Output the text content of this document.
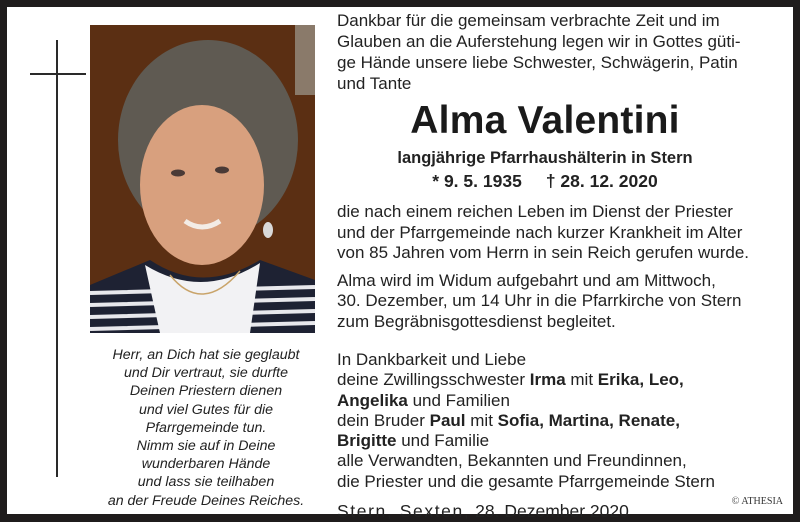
Herr, an Dich hat sie geglaubt
und Dir vertraut, sie durfte
Deinen Priestern dienen
und viel Gutes für die
Pfarrgemeinde tun.
Nimm sie auf in Deine
wunderbaren Hände
und lass sie teilhaben
an der Freude Deines Reiches.
Dankbar für die gemeinsam verbrachte Zeit und im
Glauben an die Auferstehung legen wir in Gottes güti-
ge Hände unsere liebe Schwester, Schwägerin, Patin
und Tante
Alma Valentini
langjährige Pfarrhaushälterin in Stern
* 9. 5. 1935 † 28. 12. 2020
die nach einem reichen Leben im Dienst der Priester
und der Pfarrgemeinde nach kurzer Krankheit im Alter
von 85 Jahren vom Herrn in sein Reich gerufen wurde.
Alma wird im Widum aufgebahrt und am Mittwoch,
30. Dezember, um 14 Uhr in die Pfarrkirche von Stern
zum Begräbnisgottesdienst begleitet.
In Dankbarkeit und Liebe
deine Zwillingsschwester Irma mit Erika, Leo,
Angelika und Familien
dein Bruder Paul mit Sofia, Martina, Renate,
Brigitte und Familie
alle Verwandten, Bekannten und Freundinnen,
die Priester und die gesamte Pfarrgemeinde Stern
Stern, Sexten, 28. Dezember 2020	© ATHESIA
